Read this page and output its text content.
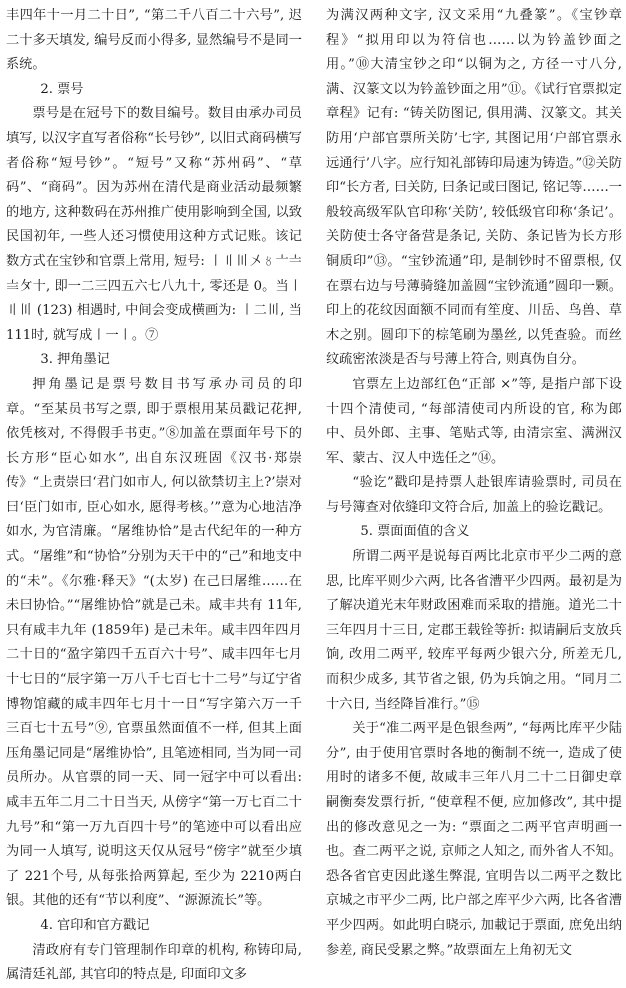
丰四年十一月二十日”, “第二千八百二十六号”, 迟二十多天填发, 编号反而小得多, 显然编号不是同一系统。

2. 票号

票号是在冠号下的数目编号。数目由承办司员填写, 以汉字直写者俗称“长号钞”, 以旧式商码横写者俗称“短号钞”。“短号”又称“苏州码”、“草码”、“商码”。因为苏州在清代是商业活动最频繁的地方, 这种数码在苏州推广使用影响到全国, 以致民国初年, 一些人还习惯使用这种方式记账。该记数方式在宝钞和官票上常用, 短号: 〡〢〣〤〥〦〧〨〩十, 即一二三四五六七八九十, 零还是 0。当〡〢〣 (123) 相遇时, 中间会变成横画为: 〡二〣, 当 111时, 就写成〡一〡。⑦

3. 押角墨记

押角墨记是票号数目书写承办司员的印章。“至某员书写之票, 即于票根用某员戳记花押, 依凭核对, 不得假手书吏。”⑧加盖在票面年号下的长方形“臣心如水”, 出自东汉班固《汉书·郑崇传》“上责崇曰‘君门如市人, 何以欲禁切主上?’崇对曰‘臣门如市, 臣心如水, 愿得考核。’”意为心地洁净如水, 为官清廉。“屠维协恰”是古代纪年的一种方式。“屠维”和“协恰”分别为天干中的“己”和地支中的“未”。《尔雅·释天》“(太岁) 在己曰屠维……在未曰协恰。”“屠维协恰”就是己未。咸丰共有 11年, 只有咸丰九年 (1859年) 是己未年。咸丰四年四月二十日的“盈字第四千五百六十号”、咸丰四年七月十七日的“辰字第一万八千七百七十二号”与辽宁省博物馆藏的咸丰四年七月十一日“写字第六万一千三百七十五号”⑨, 官票虽然面值不一样, 但其上面压角墨记同是“屠维协恰”, 且笔迹相同, 当为同一司员所办。从官票的同一天、同一冠字中可以看出: 咸丰五年二月二十日当天, 从傍字“第一万七百二十九号”和“第一万九百四十号”的笔迹中可以看出应为同一人填写, 说明这天仅从冠号“傍字”就至少填了 221个号, 从每张拾两算起, 至少为 2210两白银。其他的还有“节以利度”、“源源流长”等。

4. 官印和官方戳记

清政府有专门管理制作印章的机构, 称铸印局, 属清廷礼部, 其官印的特点是, 印面印文多

为满汉两种文字, 汉文采用“九叠篆”。《宝钞章程》“拟用印以为符信也……以为钤盖钞面之用。”⑩大清宝钞之印“以铜为之, 方径一寸八分, 满、汉篆文以为钤盖钞面之用”⑪。《试行官票拟定章程》记有: “铸关防图记, 俱用满、汉篆文。其关防用‘户部官票所关防’七字, 其图记用‘户部官票永远通行’八字。应行知礼部铸印局速为铸造。”⑫关防印“长方者, 曰关防, 曰条记或曰图记, 铭记等……一般较高级军队官印称‘关防’, 较低级官印称‘条记’。关防使士各守备营是条记, 关防、条记皆为长方形铜质印”⑬。“宝钞流通”印, 是制钞时不留票根, 仅在票右边与号薄骑缝加盖圆“宝钞流通”圆印一颗。印上的花纹因面额不同而有笙度、川岳、鸟兽、草木之别。圆印下的棕笔刷为墨丝, 以凭查验。而丝纹疏密浓淡是否与号薄上符合, 则真伪自分。

官票左上边部红色“正部 ×”等, 是指户部下设十四个清使司, “每部清使司内所设的官, 称为郎中、员外郎、主事、笔贴式等, 由清宗室、满洲汉军、蒙古、汉人中选任之”⑭。

“验讫”戳印是持票人赴银库请验票时, 司员在与号簿查对依缝印文符合后, 加盖上的验讫戳记。

5. 票面面值的含义

所谓二两平是说每百两比北京市平少二两的意思, 比库平则少六两, 比各省漕平少四两。最初是为了解决道光末年财政困难而采取的措施。道光二十三年四月十三日, 定郡王载铨等折: 拟请嗣后支放兵饷, 改用二两平, 较库平每两少银六分, 所差无几, 而积少成多, 其节省之银, 仍为兵饷之用。“同月二十六日, 当经降旨准行。”⑮

关于“准二两平是色银叁两”, “每两比库平少陆分”, 由于使用官票时各地的衡制不统一, 造成了使用时的诸多不便, 故咸丰三年八月二十二日御史章嗣衡奏发票行折, “使章程不便, 应加修改”, 其中提出的修改意见之一为: “票面之二两平官声明画一也。查二两平之说, 京师之人知之, 而外省人不知。恐各省官吏因此遂生弊混, 宜明告以二两平之数比京城之市平少二两, 比户部之库平少六两, 比各省漕平少四两。如此明白晓示, 加載记于票面, 庶免出纳参差, 商民受累之弊。”故票面左上角初无文
